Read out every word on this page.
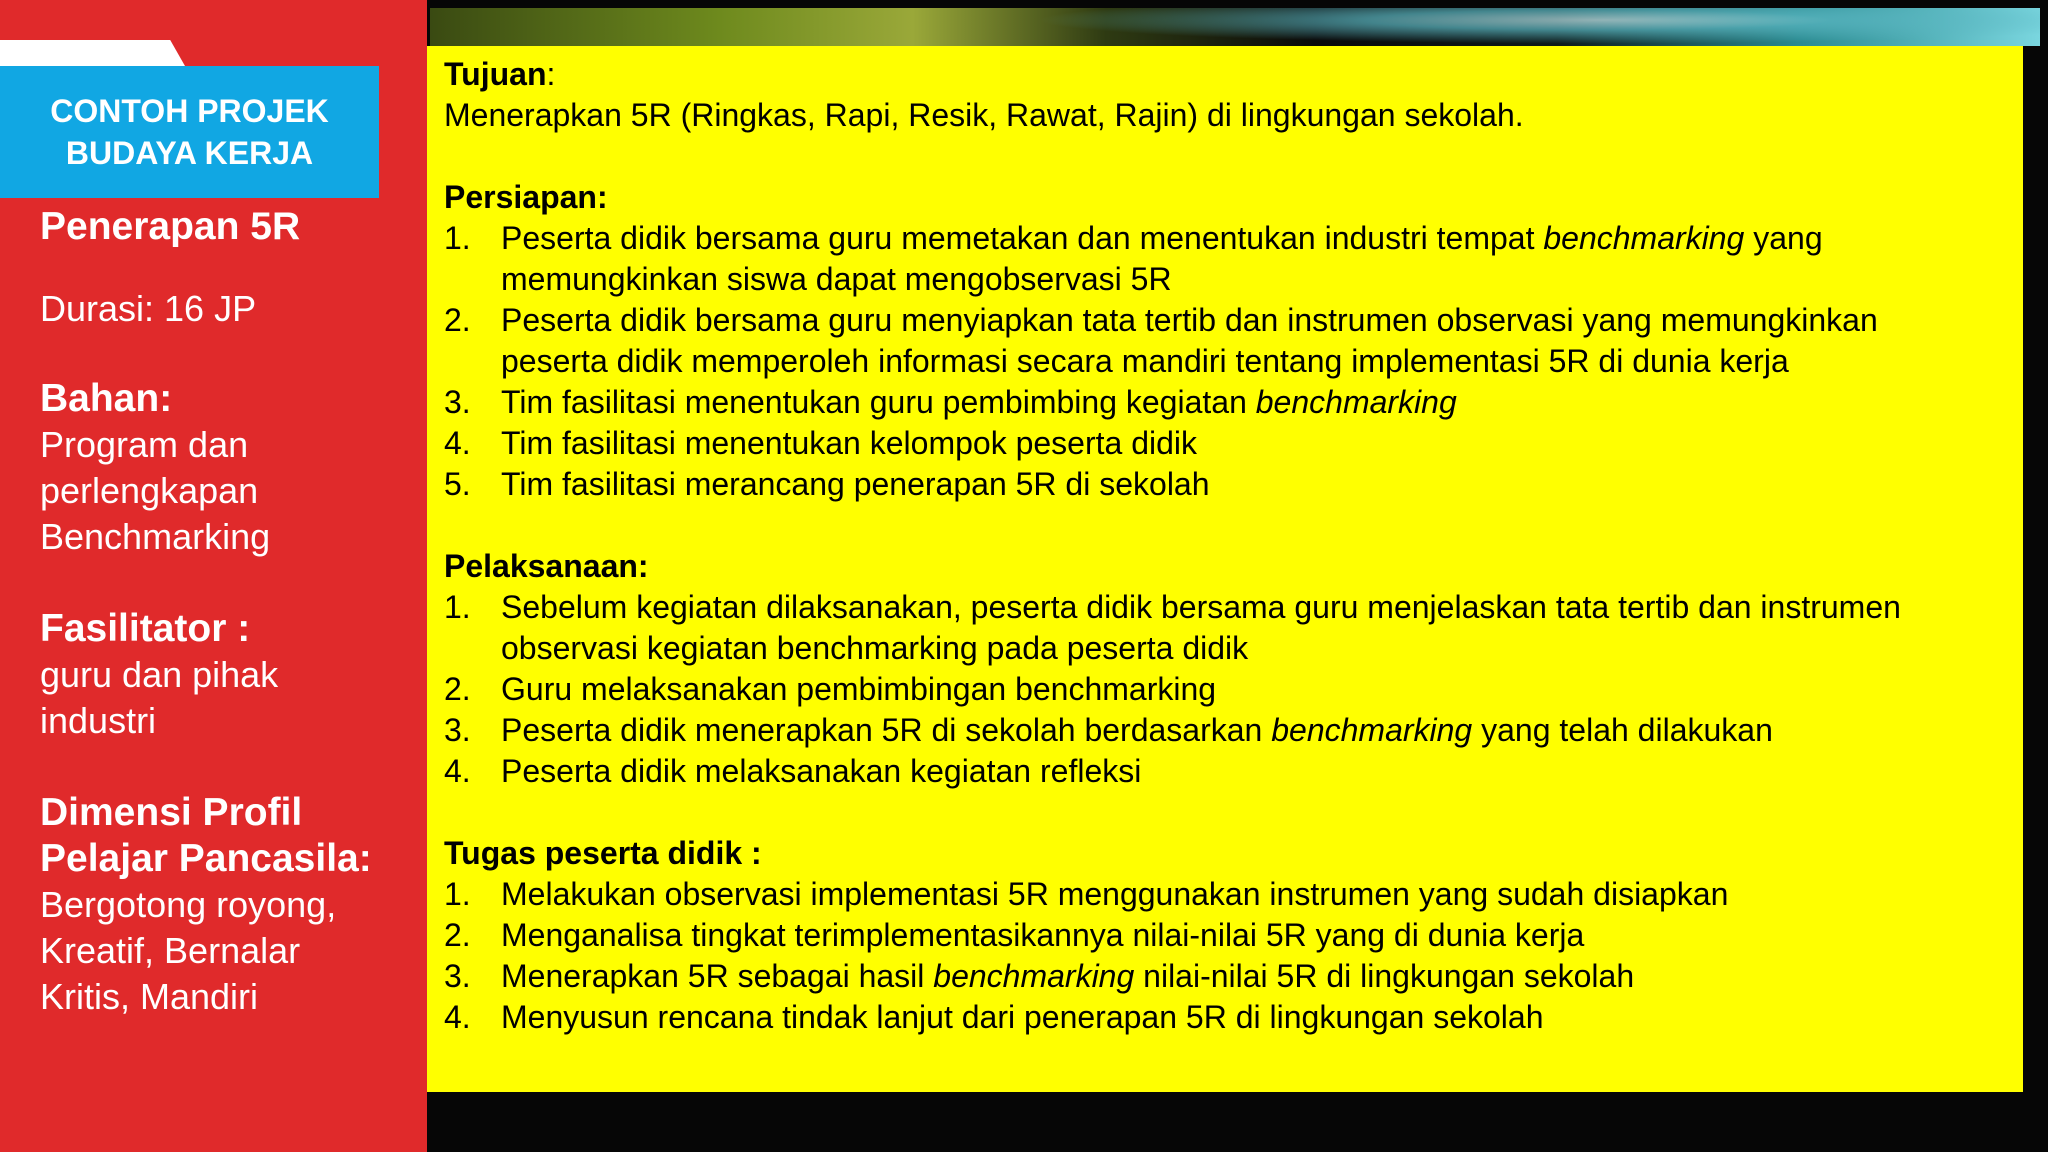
CONTOH PROJEK
BUDAYA KERJA

Penerapan 5R

Durasi: 16 JP

Bahan:

Program dan

perlengkapan

Benchmarking

Fasilitator :

guru dan pihak

industri

Dimensi Profil

Pelajar Pancasila:

Bergotong royong,

Kreatif, Bernalar

Kritis, Mandiri

Tujuan:

Menerapkan 5R (Ringkas, Rapi, Resik, Rawat, Rajin) di lingkungan sekolah.

Persiapan:

1. Peserta didik bersama guru memetakan dan menentukan industri tempat benchmarking yang memungkinkan siswa dapat mengobservasi 5R
2. Peserta didik bersama guru menyiapkan tata tertib dan instrumen observasi yang memungkinkan peserta didik memperoleh informasi secara mandiri tentang implementasi 5R di dunia kerja
3. Tim fasilitasi menentukan guru pembimbing kegiatan benchmarking
4. Tim fasilitasi menentukan kelompok peserta didik
5. Tim fasilitasi merancang penerapan 5R di sekolah

Pelaksanaan:

1. Sebelum kegiatan dilaksanakan, peserta didik bersama guru menjelaskan tata tertib dan instrumen observasi kegiatan benchmarking pada peserta didik
2. Guru melaksanakan pembimbingan benchmarking
3. Peserta didik menerapkan 5R di sekolah berdasarkan benchmarking yang telah dilakukan
4. Peserta didik melaksanakan kegiatan refleksi

Tugas peserta didik :

1. Melakukan observasi implementasi 5R menggunakan instrumen yang sudah disiapkan
2. Menganalisa tingkat terimplementasikannya nilai-nilai 5R yang di dunia kerja
3. Menerapkan 5R sebagai hasil benchmarking nilai-nilai 5R di lingkungan sekolah
4. Menyusun rencana tindak lanjut dari penerapan 5R di lingkungan sekolah
